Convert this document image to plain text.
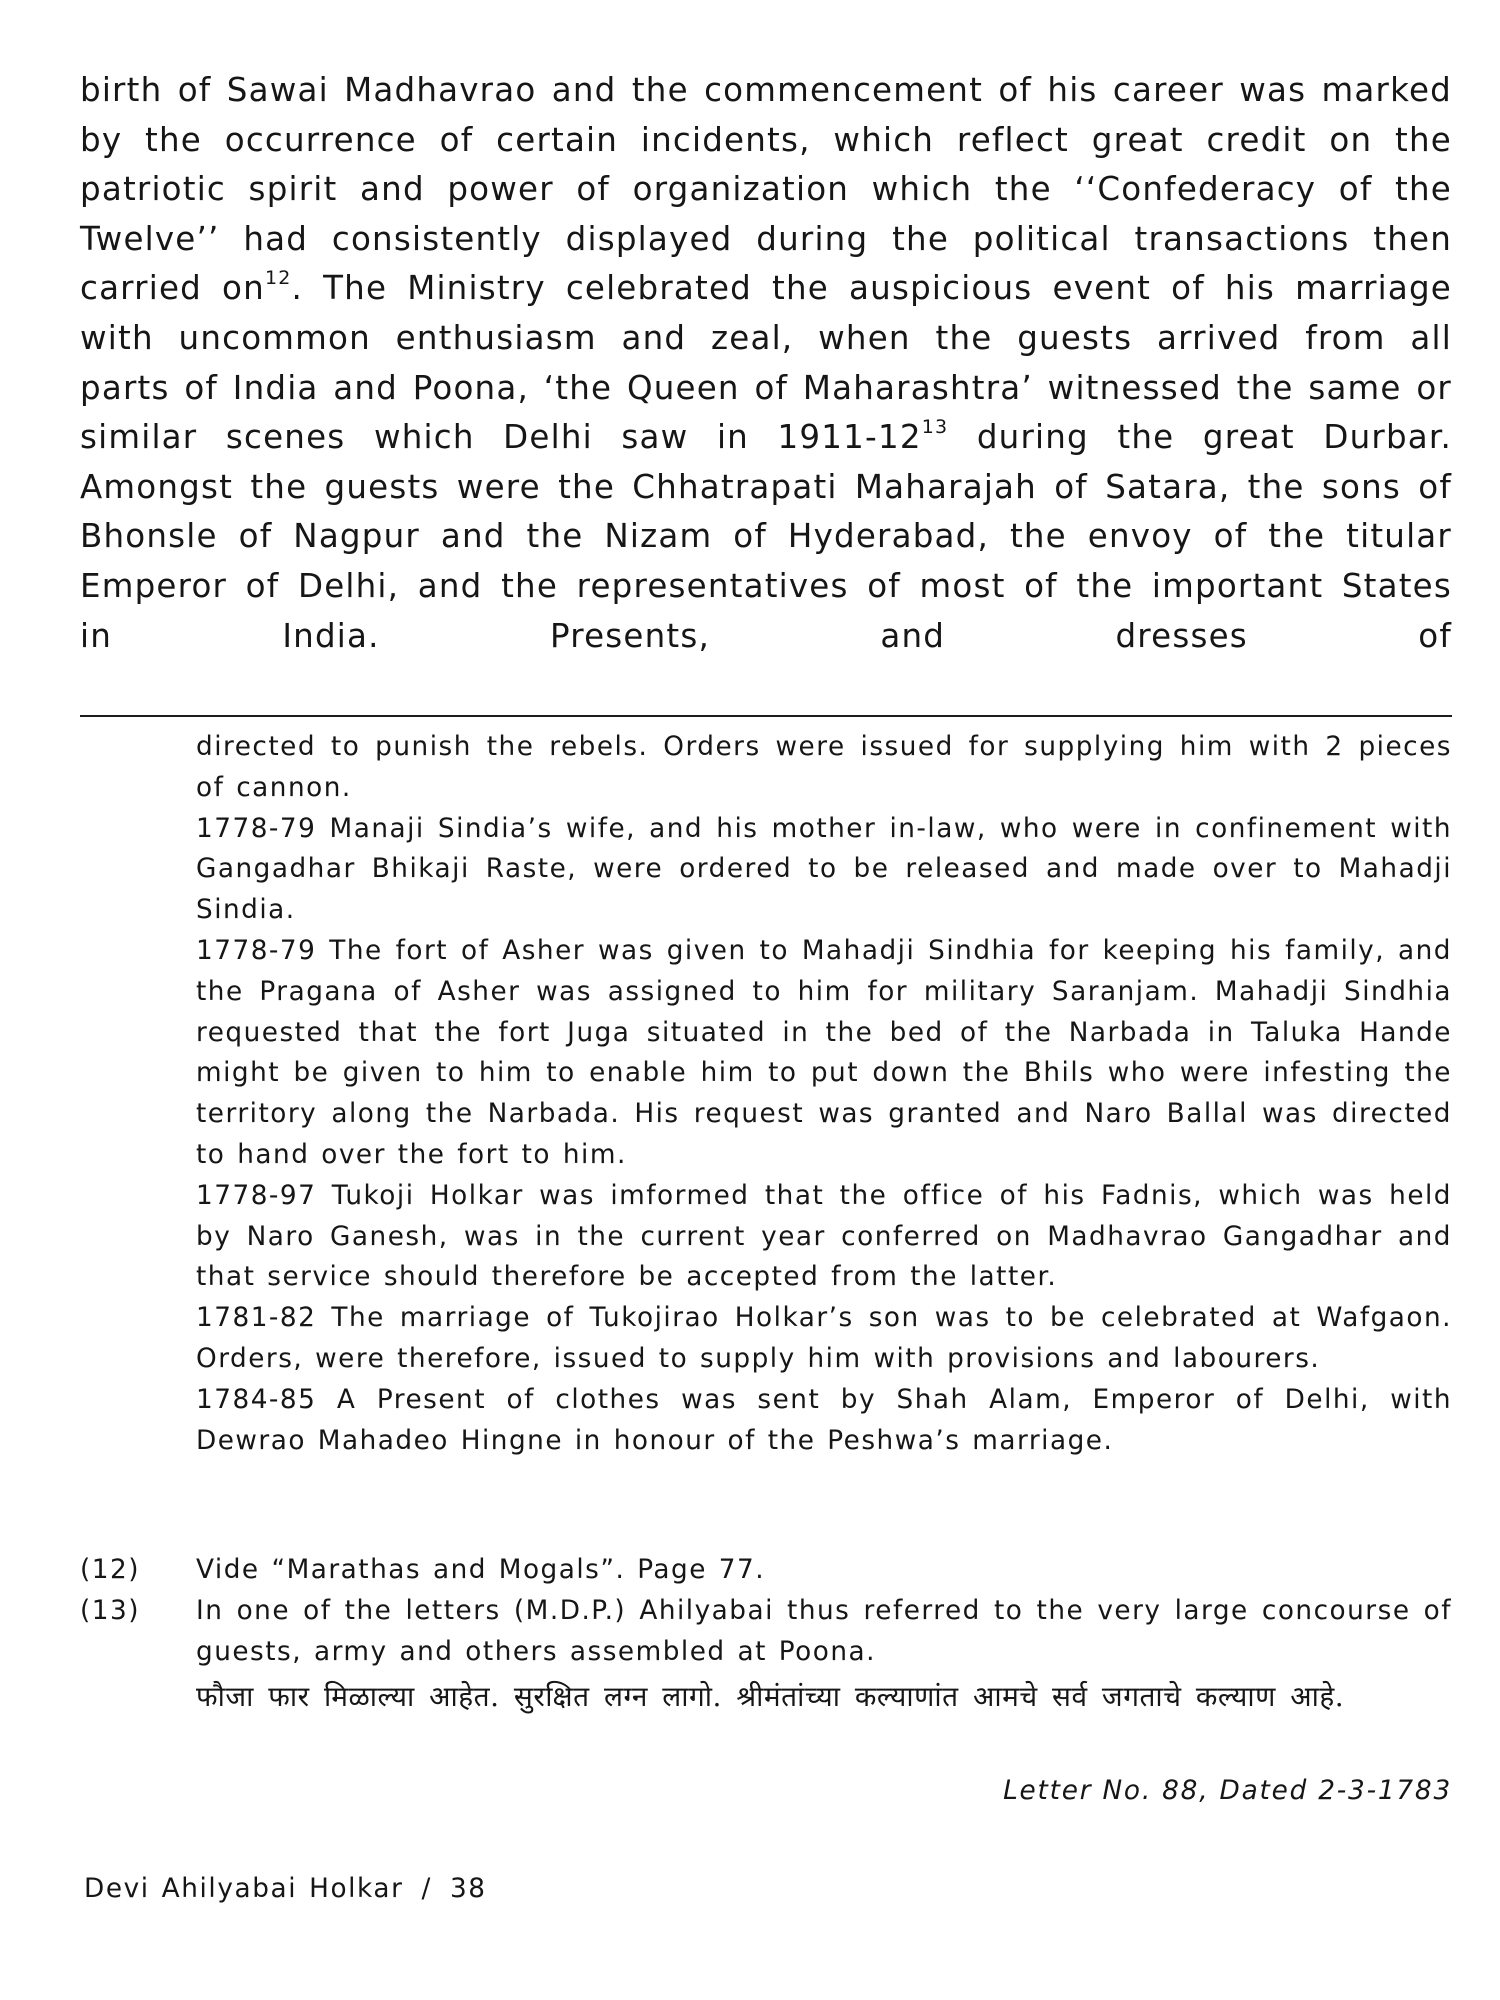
birth of Sawai Madhavrao and the commencement of his career was marked by the occurrence of certain incidents, which reflect great credit on the patriotic spirit and power of organization which the ‘‘Confederacy of the Twelve’’ had consistently displayed during the political transactions then carried $on^{12}$. The Ministry celebrated the auspicious event of his marriage with uncommon enthusiasm and zeal, when the guests arrived from all parts of India and Poona, ‘the Queen of Maharashtra’ witnessed the same or similar scenes which Delhi saw in $1911-12^{13}$ during the great Durbar. Amongst the guests were the Chhatrapati Maharajah of Satara, the sons of Bhonsle of Nagpur and the Nizam of Hyderabad, the envoy of the titular Emperor of Delhi, and the representatives of most of the important States in India. Presents, and dresses of

directed to punish the rebels. Orders were issued for supplying him with 2 pieces of cannon.

1778-79 Manaji Sindia’s wife, and his mother in-law, who were in confinement with Gangadhar Bhikaji Raste, were ordered to be released and made over to Mahadji Sindia.

1778-79 The fort of Asher was given to Mahadji Sindhia for keeping his family, and the Pragana of Asher was assigned to him for military Saranjam. Mahadji Sindhia requested that the fort Juga situated in the bed of the Narbada in Taluka Hande might be given to him to enable him to put down the Bhils who were infesting the territory along the Narbada. His request was granted and Naro Ballal was directed to hand over the fort to him.

1778-97 Tukoji Holkar was imformed that the office of his Fadnis, which was held by Naro Ganesh, was in the current year conferred on Madhavrao Gangadhar and that service should therefore be accepted from the latter.

1781-82 The marriage of Tukojirao Holkar’s son was to be celebrated at Wafgaon. Orders, were therefore, issued to supply him with provisions and labourers.

1784-85 A Present of clothes was sent by Shah Alam, Emperor of Delhi, with Dewrao Mahadeo Hingne in honour of the Peshwa’s marriage.

(12)	Vide “Marathas and Mogals”. Page 77.
(13)	In one of the letters (M.D.P.) Ahilyabai thus referred to the very large concourse of guests, army and others assembled at Poona.

फौजा फार मिळाल्या आहेत. सुरक्षित लग्न लागो. श्रीमंतांच्या कल्याणांत आमचे सर्व जगताचे कल्याण आहे.

Letter No. 88, Dated 2-3-1783
Devi Ahilyabai Holkar / 38
